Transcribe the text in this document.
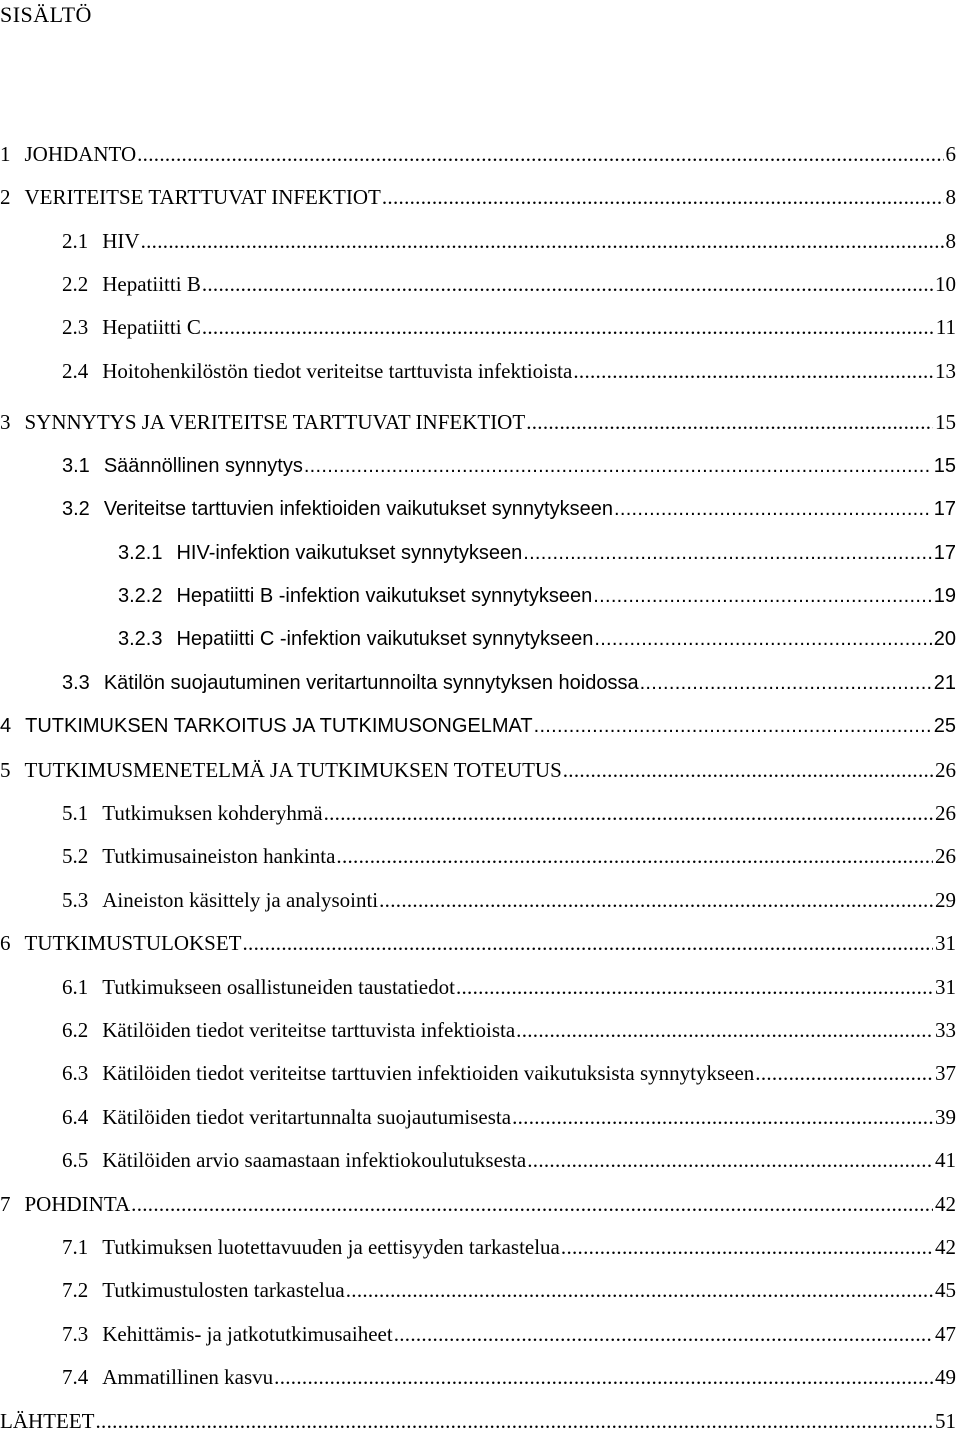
SISÄLTÖ
1 JOHDANTO .....	6
2 VERITEITSE TARTTUVAT INFEKTIOT .....	8
2.1 HIV .....	8
2.2 Hepatiitti B .....	10
2.3 Hepatiitti C .....	11
2.4 Hoitohenkilöstön tiedot veriteitse tarttuvista infektioista .....	13
3 SYNNYTYS JA VERITEITSE TARTTUVAT INFEKTIOT .....	15
3.1 Säännöllinen synnytys .....	15
3.2 Veriteitse tarttuvien infektioiden vaikutukset synnytykseen .....	17
3.2.1 HIV-infektion vaikutukset synnytykseen .....	17
3.2.2 Hepatiitti B -infektion vaikutukset synnytykseen .....	19
3.2.3 Hepatiitti C -infektion vaikutukset synnytykseen .....	20
3.3 Kätilön suojautuminen veritartunnoilta synnytyksen hoidossa .....	21
4 TUTKIMUKSEN TARKOITUS JA TUTKIMUSONGELMAT .....	25
5 TUTKIMUSMENETELMÄ JA TUTKIMUKSEN TOTEUTUS .....	26
5.1 Tutkimuksen kohderyhmä .....	26
5.2 Tutkimusaineiston hankinta .....	26
5.3 Aineiston käsittely ja analysointi .....	29
6 TUTKIMUSTULOKSET .....	31
6.1 Tutkimukseen osallistuneiden taustatiedot .....	31
6.2 Kätilöiden tiedot veriteitse tarttuvista infektioista .....	33
6.3 Kätilöiden tiedot veriteitse tarttuvien infektioiden vaikutuksista synnytykseen .....	37
6.4 Kätilöiden tiedot veritartunnalta suojautumisesta .....	39
6.5 Kätilöiden arvio saamastaan infektiokoulutuksesta .....	41
7 POHDINTA .....	42
7.1 Tutkimuksen luotettavuuden ja eettisyyden tarkastelua .....	42
7.2 Tutkimustulosten tarkastelua .....	45
7.3 Kehittämis- ja jatkotutkimusaiheet .....	47
7.4 Ammatillinen kasvu .....	49
LÄHTEET .....	51
